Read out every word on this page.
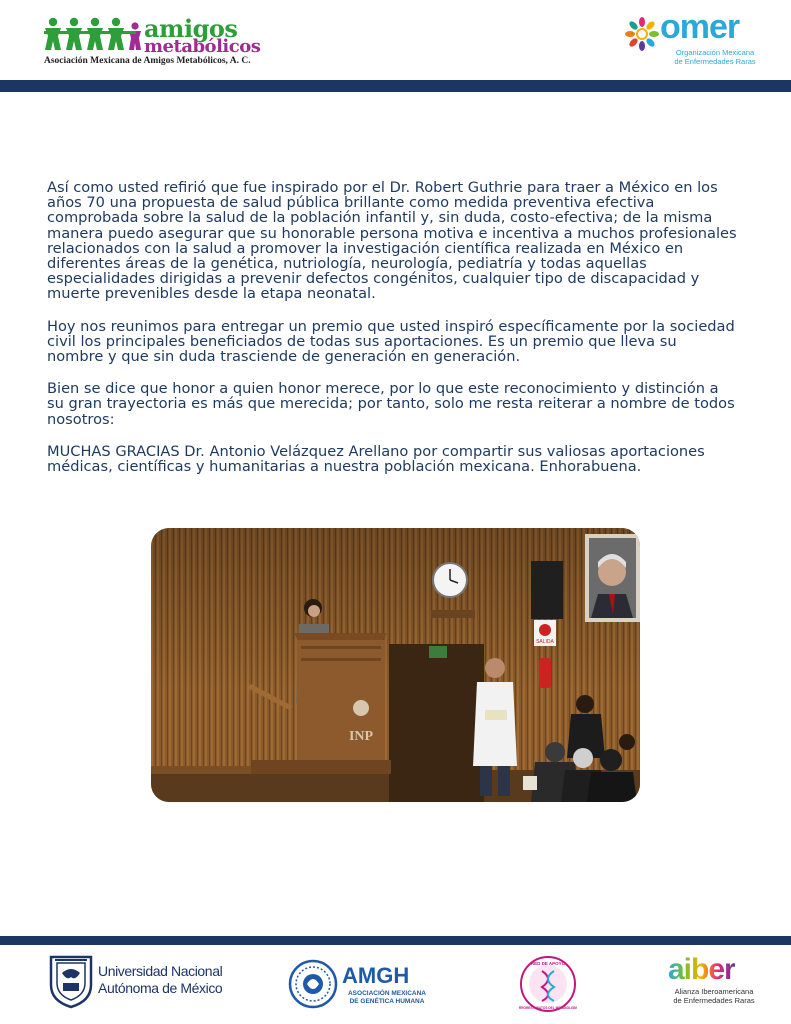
amigos
metabólicos
Asociación Mexicana de Amigos Metabólicos, A. C.
omer
Organización Mexicana
de Enfermedades Raras

Así como usted refirió que fue inspirado por el Dr. Robert Guthrie para traer a México en los años 70 una propuesta de salud pública brillante como medida preventiva efectiva comprobada sobre la salud de la población infantil y, sin duda, costo-efectiva; de la misma manera puedo asegurar que su honorable persona motiva e incentiva a muchos profesionales relacionados con la salud a promover la investigación científica realizada en México en diferentes áreas de la genética, nutriología, neurología, pediatría y todas aquellas especialidades dirigidas a prevenir defectos congénitos, cualquier tipo de discapacidad y muerte prevenibles desde la etapa neonatal.

Hoy nos reunimos para entregar un premio que usted inspiró específicamente por la sociedad civil los principales beneficiados de todas sus aportaciones. Es un premio que lleva su nombre y que sin duda trasciende de generación en generación.

Bien se dice que honor a quien honor merece, por lo que este reconocimiento y distinción a su gran trayectoria es más que merecida; por tanto, solo me resta reiterar a nombre de todos nosotros:

MUCHAS GRACIAS Dr. Antonio Velázquez Arellano por compartir sus valiosas aportaciones médicas, científicas y humanitarias a nuestra población mexicana. Enhorabuena.

SALIDA
INP
Universidad Nacional
Autónoma de México	AMGH
ASOCIACIÓN MEXICANA
DE GENÉTICA HUMANA
RED DE APOYO
ERRORES INNATOS DEL METABOLISMO
aiber
Alianza Iberoamericana
de Enfermedades Raras
